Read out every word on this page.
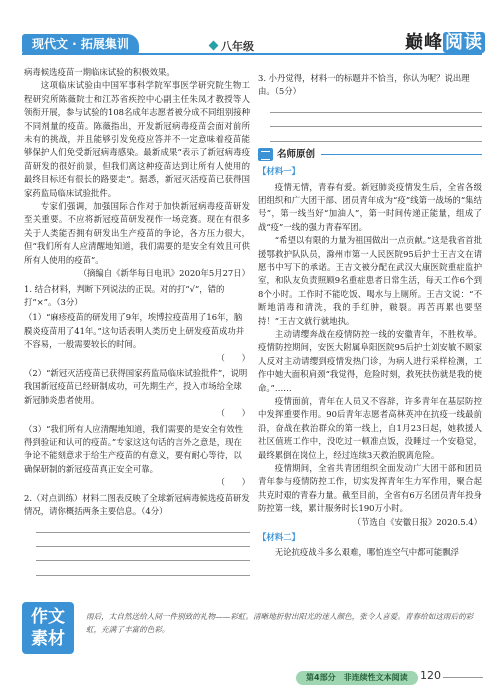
现代文 · 拓展集训	八年级	巅峰 阅读

病毒候选疫苗一期临床试验的积极效果。

这项临床试验由中国军事科学院军事医学研究院生物工程研究所陈薇院士和江苏省疾控中心副主任朱凤才教授等人领衔开展，参与试验的108名成年志愿者被分成不同组别接种不同剂量的疫苗。陈薇指出，开发新冠病毒疫苗会面对前所未有的挑战，并且能够引发免疫应答并不一定意味着疫苗能够保护人们免受新冠病毒感染。最新成果“表示了新冠病毒疫苗研发的很好前景，但我们离这种疫苗达到让所有人使用的最终目标还有很长的路要走”。据悉，新冠灭活疫苗已获得国家药监局临床试验批件。

专家们强调，加强国际合作对于加快新冠病毒疫苗研发至关重要。不应将新冠疫苗研发视作一场竞赛。现在有很多关于人类能否拥有研发出生产疫苗的争论，各方压力很大，但“我们所有人应清醒地知道，我们需要的是安全有效且可供所有人使用的疫苗”。

（摘编自《新华每日电讯》2020年5月27日）

1. 结合材料，判断下列说法的正误。对的打“√”，错的打“×”。（3分）

（1）“麻疹疫苗的研发用了9年，埃博拉疫苗用了16年，脑膜炎疫苗用了41年。”这句话表明人类历史上研发疫苗成功并不容易，一般需要较长的时间。

（　　）

（2）“新冠灭活疫苗已获得国家药监局临床试验批件”，说明我国新冠疫苗已经研制成功，可先期生产，投入市场给全球新冠肺炎患者使用。

（　　）

（3）“我们所有人应清醒地知道，我们需要的是安全有效性得到验证和认可的疫苗。”专家这这句话的言外之意是，现在争论不能刻意求于给生产疫苗的有意义，要有耐心等待，以确保研制的新冠疫苗真正安全可靠。

（　　）

2.（对点训练）材料二图表反映了全球新冠病毒候选疫苗研发情况，请你概括两条主要信息。（4分）

3. 小丹觉得，材料一的标题并不恰当，你认为呢？说出理由。（5分）

名师原创

【材料一】

疫情无情，青春有爱。新冠肺炎疫情发生后，全省各级团组织和广大团干部、团员青年成为“疫”线第一战场的“集结号”，第一线当好“加油人”，第一时间传递正能量，组成了战“疫”一线的强力青春军团。

“希望以有限的力量为祖国做出一点贡献。”这是我省首批援鄂救护队队员，滁州市第一人民医院95后护士王吉文在请愿书中写下的承诺。王吉文被分配在武汉大康医院重症监护室，和队友负责照顾9名重症患者日常生活，每天工作6个到8个小时。工作时不能吃饭、喝水与上厕所。王吉文说：“不断地消毒和清洗，我的手红肿，皲裂。再苦再累也要坚持！”王吉文就行就地执。

主动请缨奔战在疫情防控一线的安徽青年，不胜枚举。疫情防控期间，安医大附属阜阳医院95后护士刘安敏不顾家人反对主动请缨到疫情发热门诊，为病人进行采样检测，工作中她大面积肩颈“我觉得，危险时刻，救死扶伤就是我的使命。”……

疫情面前，青年在人员又不容辞，许多青年在基层防控中发挥重要作用。90后青年志愿者高林英冲在抗疫一线最前沿，奋战在救治群众的第一线上，自1月23日起，她救援人社区值班工作中，没吃过一顿准点饭，没睡过一个安稳觉，最终累倒在岗位上，经过连续3天救治脱离危险。

疫情期间，全省共青团组织全面发动广大团干部和团员青年参与疫情防控工作，切实发挥青年生力军作用，聚合起共克时艰的青春力量。截至目前，全省有6万名团员青年投身防控第一线，累计服务时长190万小时。

（节选自《安徽日报》2020.5.4）

【材料二】

无论抗疫战斗多么艰难，哪怕连空气中都可能飘浮

作文
素材
雨后，太自然送给人间一件别致的礼物——彩虹。清晰地折射出阳光的迷人颜色，张令人喜爱。青春给如这雨后的彩虹，充满了丰富的色彩。
第4部分　非连续性文本阅读	120
